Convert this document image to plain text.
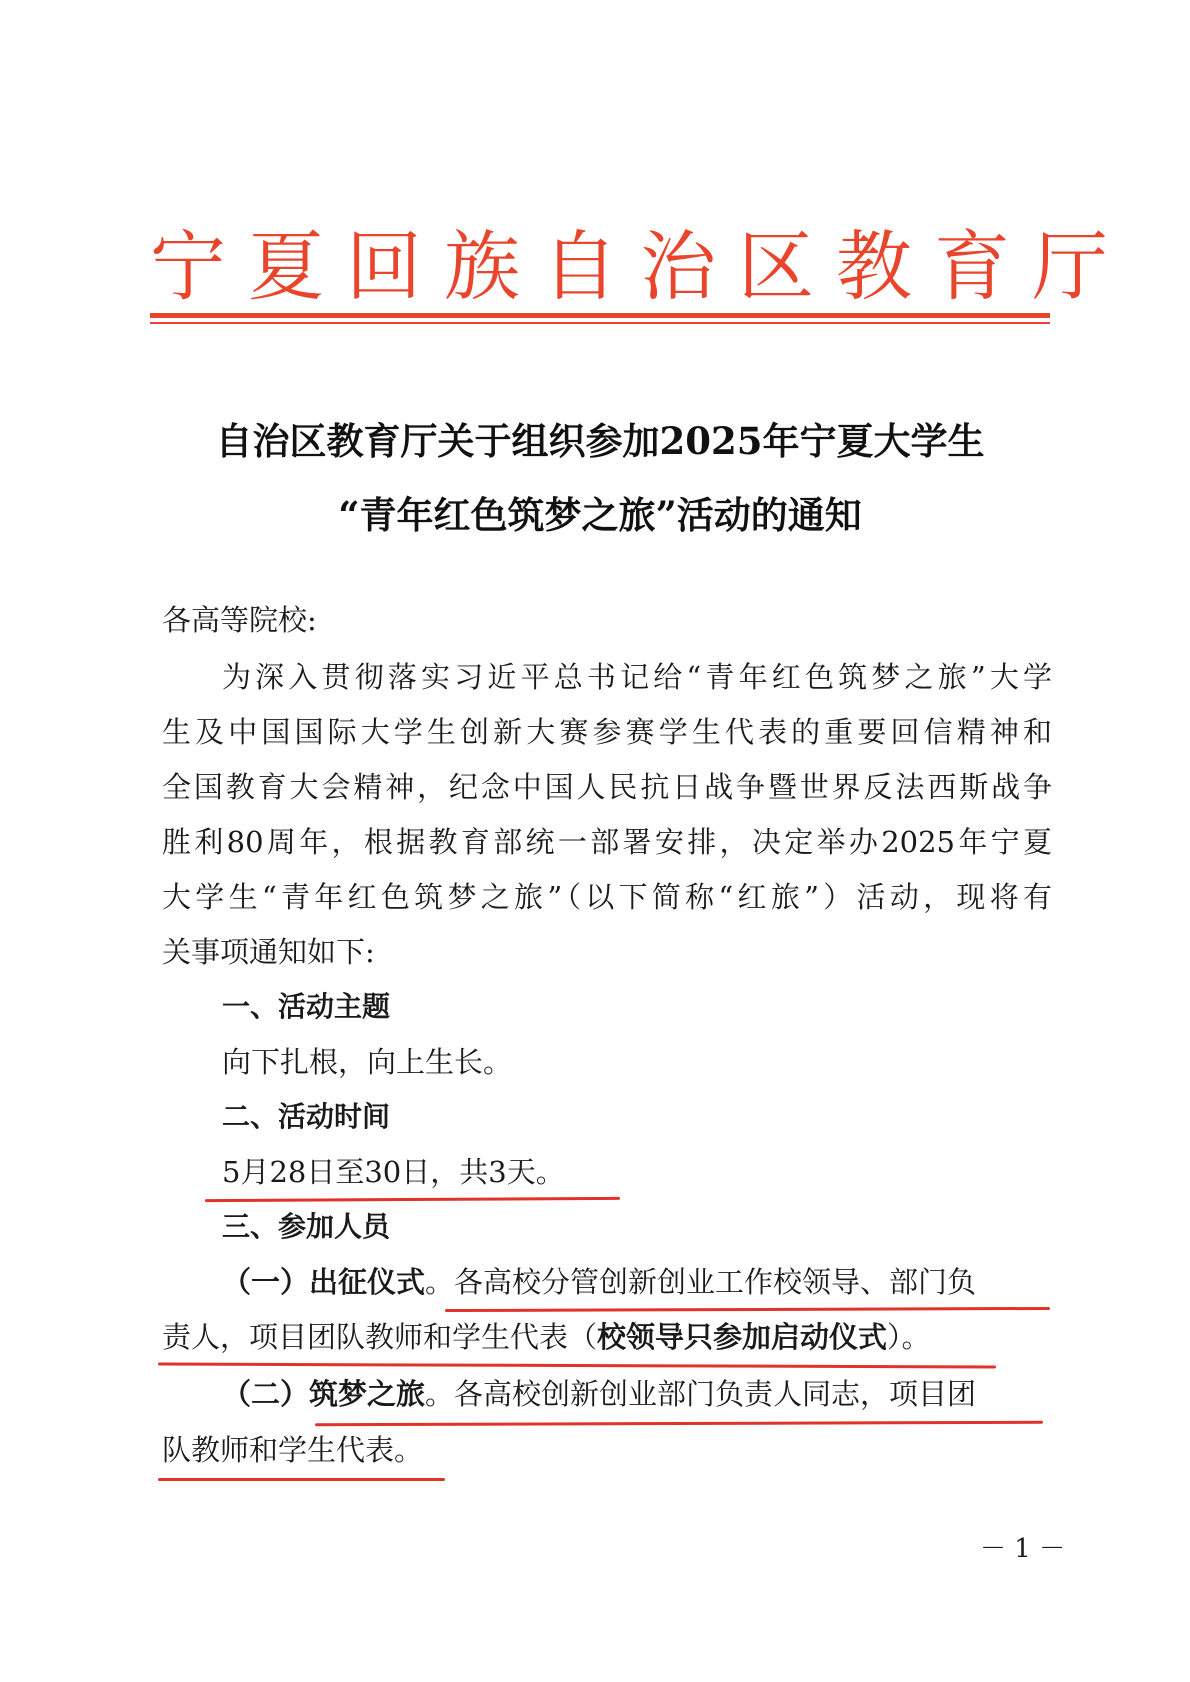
宁夏回族自治区教育厅
自治区教育厅关于组织参加2025年宁夏大学生
“青年红色筑梦之旅”活动的通知
各高等院校:
为深入贯彻落实习近平总书记给“青年红色筑梦之旅”大学
生及中国国际大学生创新大赛参赛学生代表的重要回信精神和
全国教育大会精神，纪念中国人民抗日战争暨世界反法西斯战争
胜利80周年，根据教育部统一部署安排，决定举办2025年宁夏
大学生“青年红色筑梦之旅”（以下简称“红旅”）活动，现将有
关事项通知如下:
一、活动主题
向下扎根，向上生长。
二、活动时间
5月28日至30日，共3天。
三、参加人员
（一）出征仪式。各高校分管创新创业工作校领导、部门负
责人，项目团队教师和学生代表（校领导只参加启动仪式）。
（二）筑梦之旅。各高校创新创业部门负责人同志，项目团
队教师和学生代表。
－ 1 －
